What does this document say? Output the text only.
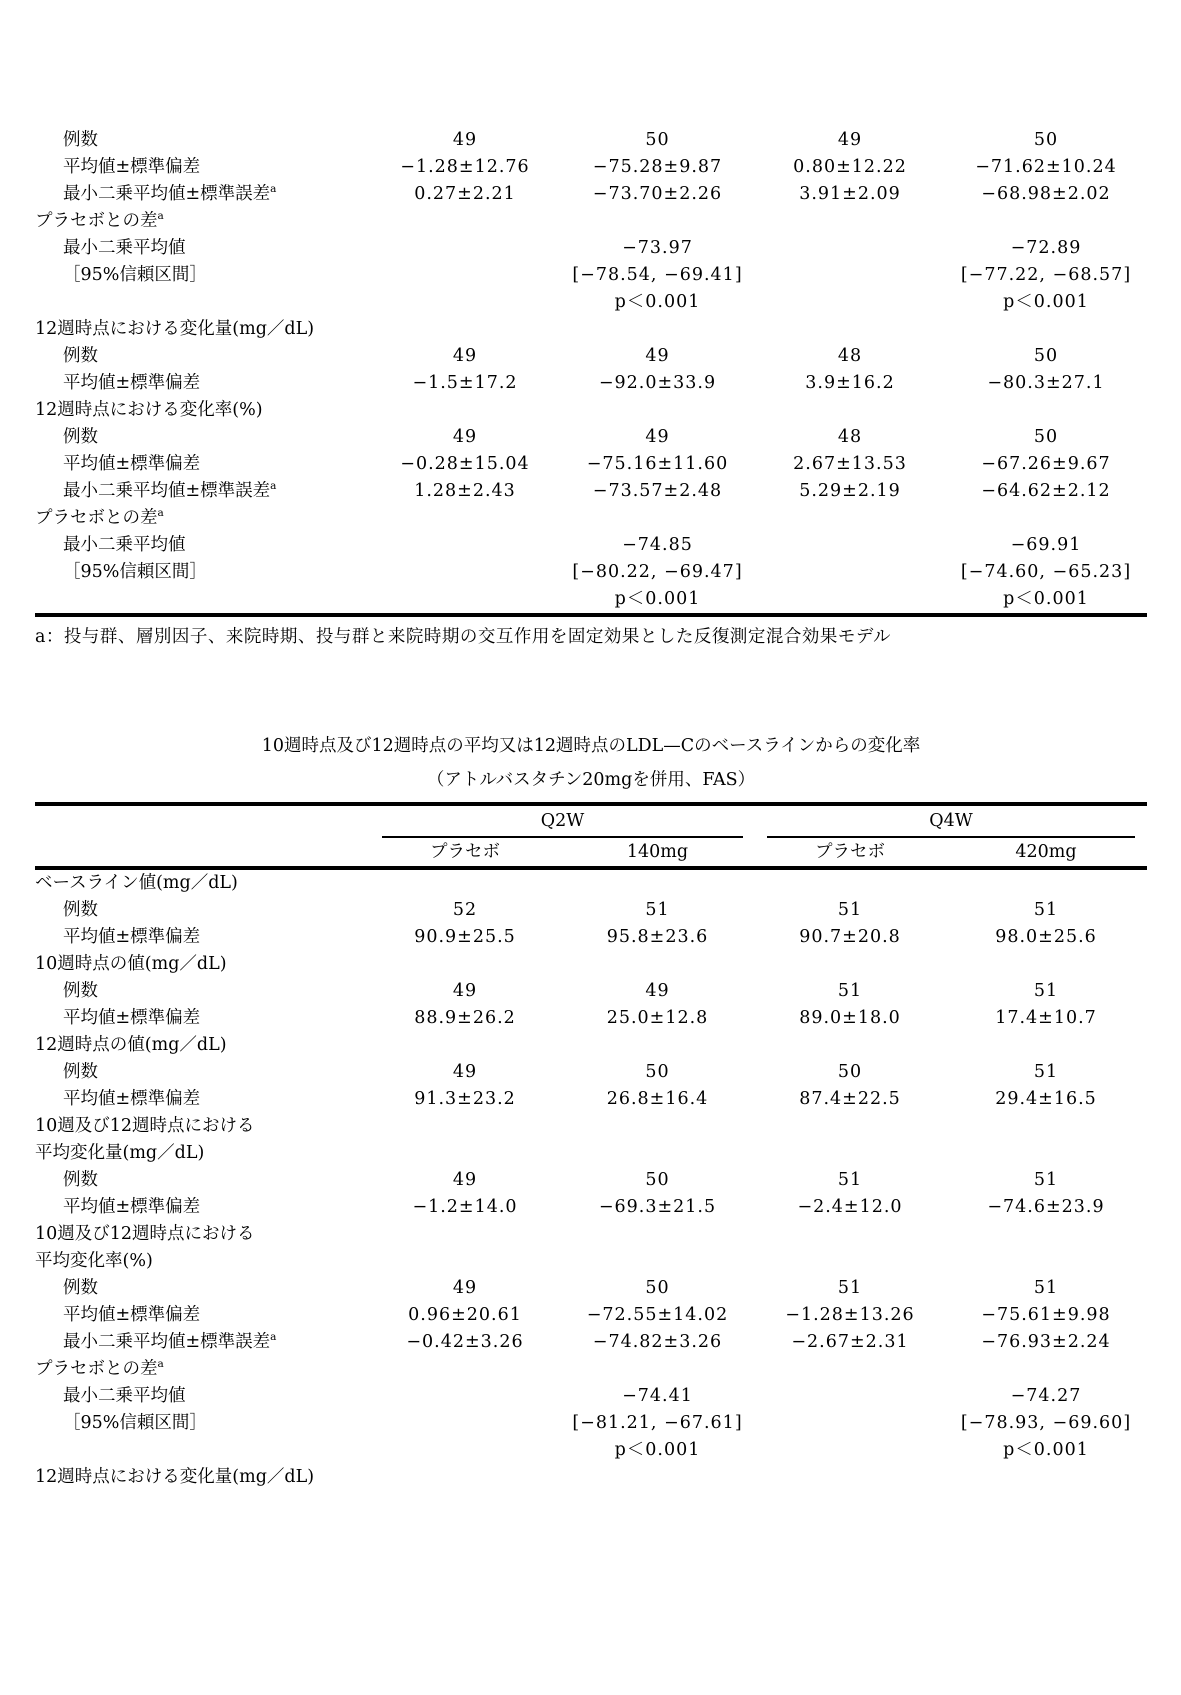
例数	49	50	49	50
平均値±標準偏差	−1.28±12.76	−75.28±9.87	0.80±12.22	−71.62±10.24
最小二乗平均値±標準誤差$^a$	0.27±2.21	−73.70±2.26	3.91±2.09	−68.98±2.02
プラセボとの差$^a$				
最小二乗平均値		−73.97		−72.89
［95%信頼区間］		[−78.54, −69.41]		[−77.22, −68.57]
		p＜0.001		p＜0.001
12週時点における変化量(mg／dL)				
例数	49	49	48	50
平均値±標準偏差	−1.5±17.2	−92.0±33.9	3.9±16.2	−80.3±27.1
12週時点における変化率(%)				
例数	49	49	48	50
平均値±標準偏差	−0.28±15.04	−75.16±11.60	2.67±13.53	−67.26±9.67
最小二乗平均値±標準誤差$^a$	1.28±2.43	−73.57±2.48	5.29±2.19	−64.62±2.12
プラセボとの差$^a$				
最小二乗平均値		−74.85		−69.91
［95%信頼区間］		[−80.22, −69.47]		[−74.60, −65.23]
		p＜0.001		p＜0.001
a：投与群、層別因子、来院時期、投与群と来院時期の交互作用を固定効果とした反復測定混合効果モデル
10週時点及び12週時点の平均又は12週時点のLDL—Cのベースラインからの変化率
（アトルバスタチン20mgを併用、FAS）

	Q2W		Q4W	

	プラセボ	140mg	プラセボ	420mg
ベースライン値(mg／dL)				
例数	52	51	51	51
平均値±標準偏差	90.9±25.5	95.8±23.6	90.7±20.8	98.0±25.6
10週時点の値(mg／dL)				
例数	49	49	51	51
平均値±標準偏差	88.9±26.2	25.0±12.8	89.0±18.0	17.4±10.7
12週時点の値(mg／dL)				
例数	49	50	50	51
平均値±標準偏差	91.3±23.2	26.8±16.4	87.4±22.5	29.4±16.5
10週及び12週時点における				
平均変化量(mg／dL)				
例数	49	50	51	51
平均値±標準偏差	−1.2±14.0	−69.3±21.5	−2.4±12.0	−74.6±23.9
10週及び12週時点における				
平均変化率(%)				
例数	49	50	51	51
平均値±標準偏差	0.96±20.61	−72.55±14.02	−1.28±13.26	−75.61±9.98
最小二乗平均値±標準誤差$^a$	−0.42±3.26	−74.82±3.26	−2.67±2.31	−76.93±2.24
プラセボとの差$^a$				
最小二乗平均値		−74.41		−74.27
［95%信頼区間］		[−81.21, −67.61]		[−78.93, −69.60]
		p＜0.001		p＜0.001
12週時点における変化量(mg／dL)				
